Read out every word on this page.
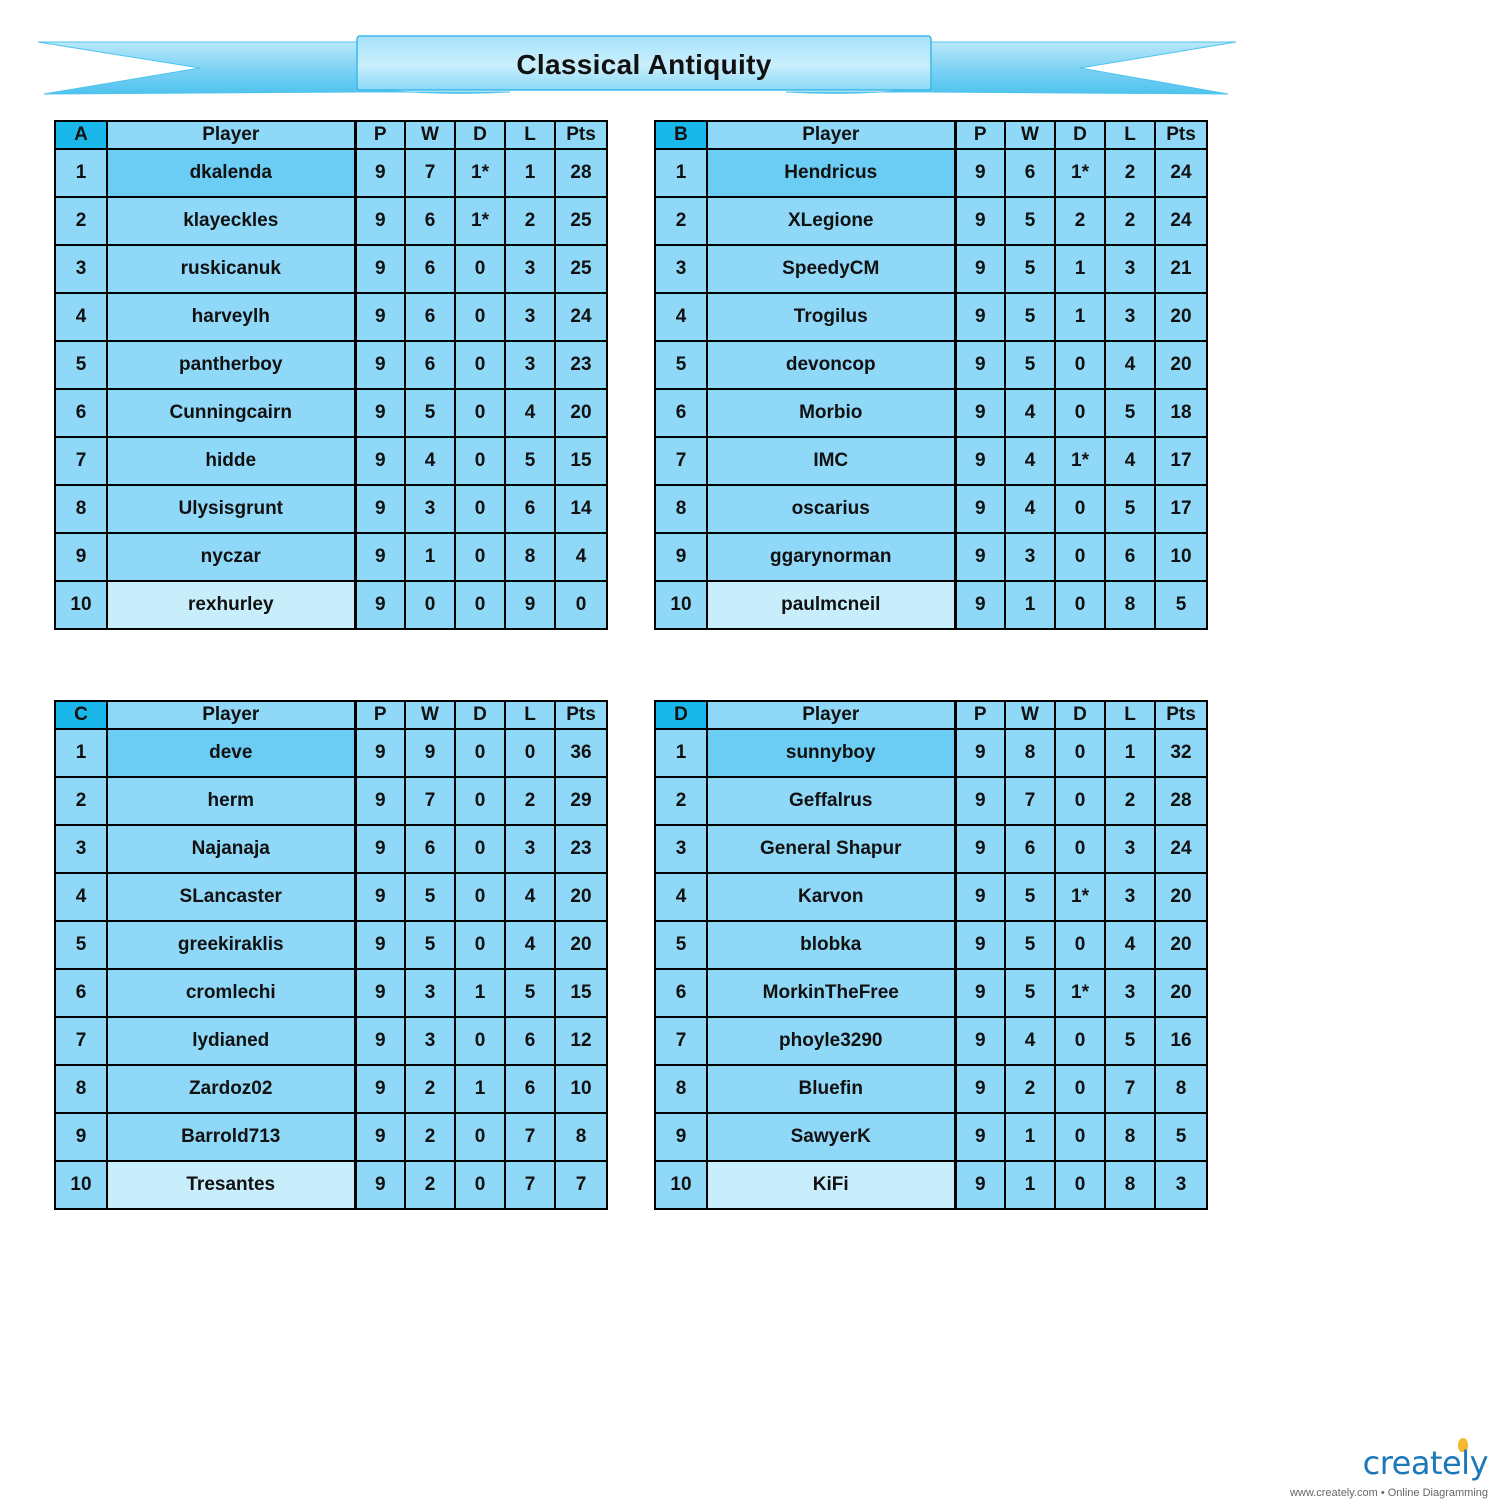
Classical Antiquity
A	Player	P	W	D	L	Pts
1	dkalenda	9	7	1*	1	28
2	klayeckles	9	6	1*	2	25
3	ruskicanuk	9	6	0	3	25
4	harveylh	9	6	0	3	24
5	pantherboy	9	6	0	3	23
6	Cunningcairn	9	5	0	4	20
7	hidde	9	4	0	5	15
8	Ulysisgrunt	9	3	0	6	14
9	nyczar	9	1	0	8	4
10	rexhurley	9	0	0	9	0
B	Player	P	W	D	L	Pts
1	Hendricus	9	6	1*	2	24
2	XLegione	9	5	2	2	24
3	SpeedyCM	9	5	1	3	21
4	Trogilus	9	5	1	3	20
5	devoncop	9	5	0	4	20
6	Morbio	9	4	0	5	18
7	IMC	9	4	1*	4	17
8	oscarius	9	4	0	5	17
9	ggarynorman	9	3	0	6	10
10	paulmcneil	9	1	0	8	5
C	Player	P	W	D	L	Pts
1	deve	9	9	0	0	36
2	herm	9	7	0	2	29
3	Najanaja	9	6	0	3	23
4	SLancaster	9	5	0	4	20
5	greekiraklis	9	5	0	4	20
6	cromlechi	9	3	1	5	15
7	lydianed	9	3	0	6	12
8	Zardoz02	9	2	1	6	10
9	Barrold713	9	2	0	7	8
10	Tresantes	9	2	0	7	7
D	Player	P	W	D	L	Pts
1	sunnyboy	9	8	0	1	32
2	Geffalrus	9	7	0	2	28
3	General Shapur	9	6	0	3	24
4	Karvon	9	5	1*	3	20
5	blobka	9	5	0	4	20
6	MorkinTheFree	9	5	1*	3	20
7	phoyle3290	9	4	0	5	16
8	Bluefin	9	2	0	7	8
9	SawyerK	9	1	0	8	5
10	KiFi	9	1	0	8	3
creately
www.creately.com • Online Diagramming
